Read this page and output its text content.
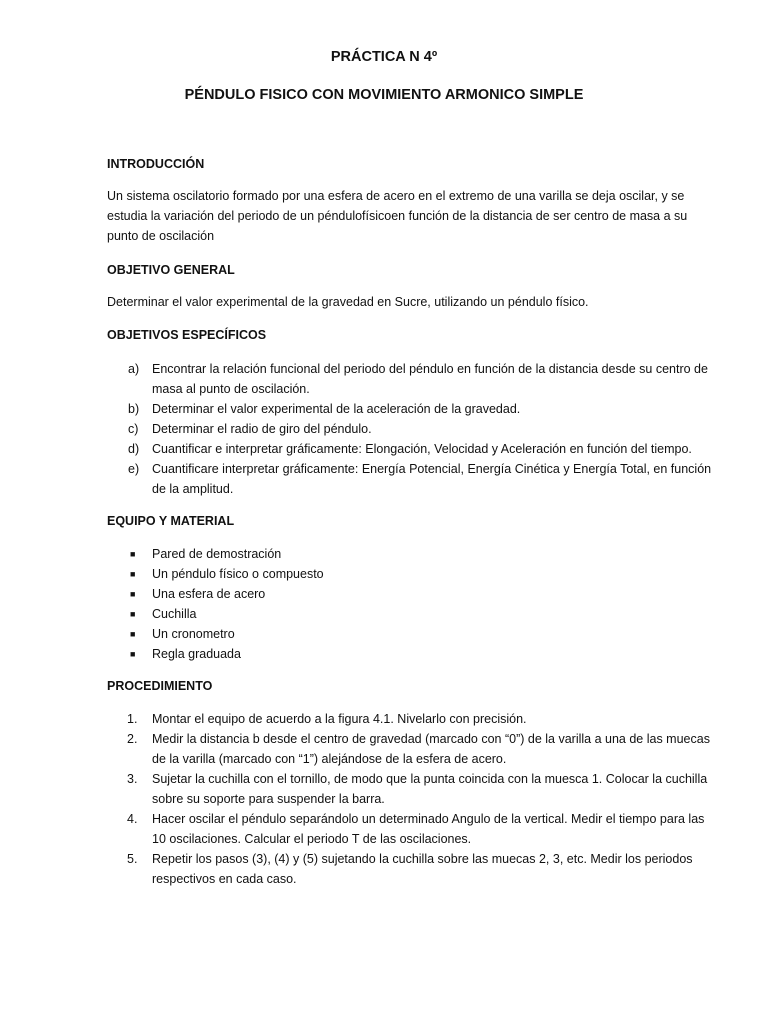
PRÁCTICA N 4º
PÉNDULO FISICO CON MOVIMIENTO ARMONICO SIMPLE
INTRODUCCIÓN
Un sistema oscilatorio formado por una esfera de acero en el extremo de una varilla se deja oscilar, y se estudia la variación del periodo de un péndulofísicoen función de la distancia de ser centro de masa a su punto de oscilación
OBJETIVO GENERAL
Determinar el valor experimental de la gravedad en Sucre, utilizando un péndulo físico.
OBJETIVOS ESPECÍFICOS
a) Encontrar la relación funcional del periodo del péndulo en función de la distancia desde su centro de masa al punto de oscilación.
b) Determinar el valor experimental de la aceleración de la gravedad.
c) Determinar el radio de giro del péndulo.
d) Cuantificar e interpretar gráficamente: Elongación, Velocidad y Aceleración en función del tiempo.
e) Cuantificare interpretar gráficamente: Energía Potencial, Energía Cinética y Energía Total, en función de la amplitud.
EQUIPO Y MATERIAL
■ Pared de demostración
■ Un péndulo físico o compuesto
■ Una esfera de acero
■ Cuchilla
■ Un cronometro
■ Regla graduada
PROCEDIMIENTO
1. Montar el equipo de acuerdo a la figura 4.1. Nivelarlo con precisión.
2. Medir la distancia b desde el centro de gravedad (marcado con “0”) de la varilla a una de las muecas de la varilla (marcado con “1”) alejándose de la esfera de acero.
3. Sujetar la cuchilla con el tornillo, de modo que la punta coincida con la muesca 1. Colocar la cuchilla sobre su soporte para suspender la barra.
4. Hacer oscilar el péndulo separándolo un determinado Angulo de la vertical. Medir el tiempo para las 10 oscilaciones. Calcular el periodo T de las oscilaciones.
5. Repetir los pasos (3), (4) y (5) sujetando la cuchilla sobre las muecas 2, 3, etc. Medir los periodos respectivos en cada caso.
